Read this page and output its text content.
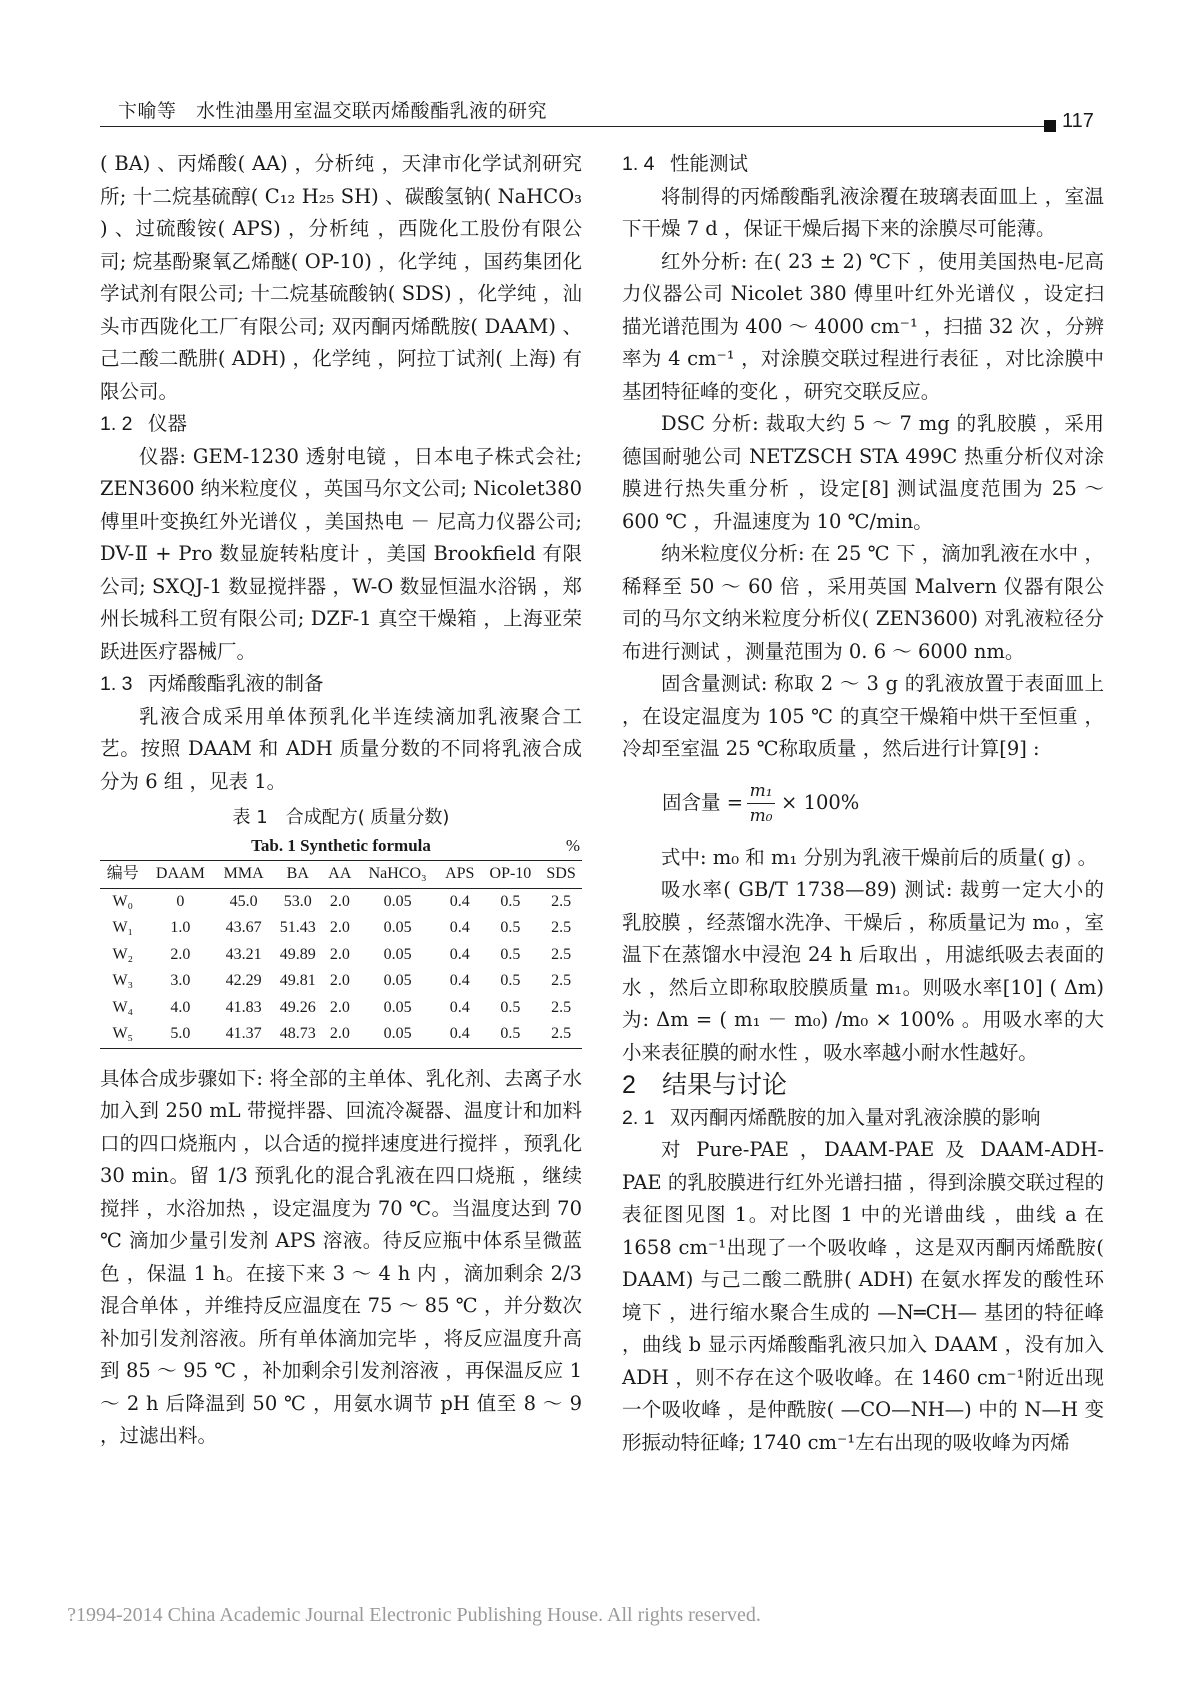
卞喻等　水性油墨用室温交联丙烯酸酯乳液的研究	117

( BA) 、丙烯酸( AA) ，分析纯 ，天津市化学试剂研究所; 十二烷基硫醇( C₁₂ H₂₅ SH) 、碳酸氢钠( NaHCO₃ ) 、过硫酸铵( APS) ，分析纯 ，西陇化工股份有限公司; 烷基酚聚氧乙烯醚( OP-10) ，化学纯 ，国药集团化学试剂有限公司; 十二烷基硫酸钠( SDS) ，化学纯 ，汕头市西陇化工厂有限公司; 双丙酮丙烯酰胺( DAAM) 、己二酸二酰肼( ADH) ，化学纯 ，阿拉丁试剂( 上海) 有限公司。

1. 2 仪器

仪器: GEM-1230 透射电镜 ，日本电子株式会社; ZEN3600 纳米粒度仪 ，英国马尔文公司; Nicolet380 傅里叶变换红外光谱仪 ，美国热电 － 尼高力仪器公司; DV-Ⅱ + Pro 数显旋转粘度计 ，美国 Brookfield 有限公司; SXQJ-1 数显搅拌器 ，W-O 数显恒温水浴锅 ，郑州长城科工贸有限公司; DZF-1 真空干燥箱 ，上海亚荣跃进医疗器械厂。

1. 3 丙烯酸酯乳液的制备

乳液合成采用单体预乳化半连续滴加乳液聚合工艺。按照 DAAM 和 ADH 质量分数的不同将乳液合成分为 6 组 ，见表 1。

表 1　合成配方( 质量分数)
Tab. 1 Synthetic formula	%
编号	DAAM	MMA	BA	AA	NaHCO₃	APS	OP-10	SDS
W₀	0	45.0	53.0	2.0	0.05	0.4	0.5	2.5
W₁	1.0	43.67	51.43	2.0	0.05	0.4	0.5	2.5
W₂	2.0	43.21	49.89	2.0	0.05	0.4	0.5	2.5
W₃	3.0	42.29	49.81	2.0	0.05	0.4	0.5	2.5
W₄	4.0	41.83	49.26	2.0	0.05	0.4	0.5	2.5
W₅	5.0	41.37	48.73	2.0	0.05	0.4	0.5	2.5

具体合成步骤如下: 将全部的主单体、乳化剂、去离子水加入到 250 mL 带搅拌器、回流冷凝器、温度计和加料口的四口烧瓶内 ，以合适的搅拌速度进行搅拌 ，预乳化 30 min。留 1/3 预乳化的混合乳液在四口烧瓶 ，继续搅拌 ，水浴加热 ，设定温度为 70 ℃。当温度达到 70 ℃ 滴加少量引发剂 APS 溶液。待反应瓶中体系呈微蓝色 ，保温 1 h。在接下来 3 ～ 4 h 内 ，滴加剩余 2/3 混合单体 ，并维持反应温度在 75 ～ 85 ℃ ，并分数次补加引发剂溶液。所有单体滴加完毕 ，将反应温度升高到 85 ～ 95 ℃ ，补加剩余引发剂溶液 ，再保温反应 1 ～ 2 h 后降温到 50 ℃ ，用氨水调节 pH 值至 8 ～ 9 ，过滤出料。

1. 4 性能测试

将制得的丙烯酸酯乳液涂覆在玻璃表面皿上 ，室温下干燥 7 d ，保证干燥后揭下来的涂膜尽可能薄。

红外分析: 在( 23 ± 2) ℃下 ，使用美国热电-尼高力仪器公司 Nicolet 380 傅里叶红外光谱仪 ，设定扫描光谱范围为 400 ～ 4000 cm⁻¹ ，扫描 32 次 ，分辨率为 4 cm⁻¹ ，对涂膜交联过程进行表征 ，对比涂膜中基团特征峰的变化 ，研究交联反应。

DSC 分析: 裁取大约 5 ～ 7 mg 的乳胶膜 ，采用德国耐驰公司 NETZSCH STA 499C 热重分析仪对涂膜进行热失重分析 ，设定[8] 测试温度范围为 25 ～ 600 ℃ ，升温速度为 10 ℃/min。

纳米粒度仪分析: 在 25 ℃ 下 ，滴加乳液在水中 ，稀释至 50 ～ 60 倍 ，采用英国 Malvern 仪器有限公司的马尔文纳米粒度分析仪( ZEN3600) 对乳液粒径分布进行测试 ，测量范围为 0. 6 ～ 6000 nm。

固含量测试: 称取 2 ～ 3 g 的乳液放置于表面皿上 ，在设定温度为 105 ℃ 的真空干燥箱中烘干至恒重 ，冷却至室温 25 ℃称取质量 ，然后进行计算[9] :

固含量 = $\frac{\text{m₁}}{\text{m₀}} \times 100\%$

式中: m₀ 和 m₁ 分别为乳液干燥前后的质量( g) 。

吸水率( GB/T 1738—89) 测试: 裁剪一定大小的乳胶膜 ，经蒸馏水洗净、干燥后 ，称质量记为 m₀ ，室温下在蒸馏水中浸泡 24 h 后取出 ，用滤纸吸去表面的水 ，然后立即称取胶膜质量 m₁。则吸水率[10] ( Δm) 为: Δm = ( m₁ － m₀) /m₀ × 100% 。用吸水率的大小来表征膜的耐水性 ，吸水率越小耐水性越好。

2 结果与讨论

2. 1 双丙酮丙烯酰胺的加入量对乳液涂膜的影响

对 Pure-PAE ，DAAM-PAE 及 DAAM-ADH-PAE 的乳胶膜进行红外光谱扫描 ，得到涂膜交联过程的表征图见图 1。对比图 1 中的光谱曲线 ，曲线 a 在 1658 cm⁻¹出现了一个吸收峰 ，这是双丙酮丙烯酰胺( DAAM) 与己二酸二酰肼( ADH) 在氨水挥发的酸性环境下 ，进行缩水聚合生成的 —N═CH— 基团的特征峰 ，曲线 b 显示丙烯酸酯乳液只加入 DAAM ，没有加入 ADH ，则不存在这个吸收峰。在 1460 cm⁻¹附近出现一个吸收峰 ，是仲酰胺( —CO—NH—) 中的 N—H 变形振动特征峰; 1740 cm⁻¹左右出现的吸收峰为丙烯

?1994-2014 China Academic Journal Electronic Publishing House. All rights reserved.
